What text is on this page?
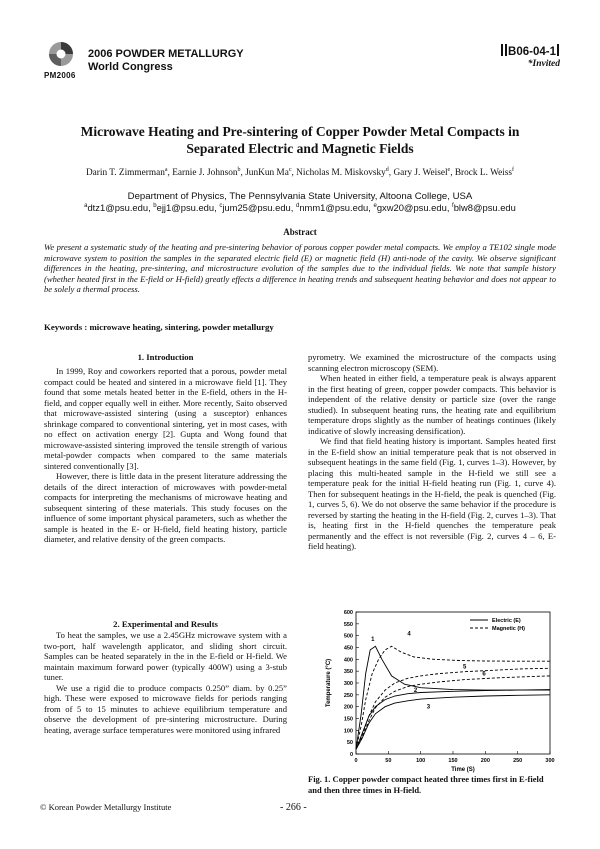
PM2006
2006 POWDER METALLURGY
World Congress
B06-04-1
*Invited
Microwave Heating and Pre-sintering of Copper Powder Metal Compacts in
Separated Electric and Magnetic Fields
Darin T. Zimmerman$^a$, Earnie J. Johnson$^b$, JunKun Ma$^c$, Nicholas M. Miskovsky$^d$, Gary J. Weisel$^e$, Brock L. Weiss$^f$
Department of Physics, The Pennsylvania State University, Altoona College, USA
$^a$dtz1@psu.edu, $^b$ejj1@psu.edu, $^c$jum25@psu.edu, $^d$nmm1@psu.edu, $^e$gxw20@psu.edu, $^f$blw8@psu.edu
Abstract
We present a systematic study of the heating and pre-sintering behavior of porous copper powder metal compacts. We employ a TE102 single mode microwave system to position the samples in the separated electric field (E) or magnetic field (H) anti-node of the cavity. We observe significant differences in the heating, pre-sintering, and microstructure evolution of the samples due to the individual fields. We note that sample history (whether heated first in the E-field or H-field) greatly effects a difference in heating trends and subsequent heating behavior and does not appear to be solely a thermal process.
Keywords : microwave heating, sintering, powder metallurgy
1. Introduction

In 1999, Roy and coworkers reported that a porous, powder metal compact could be heated and sintered in a microwave field [1]. They found that some metals heated better in the E-field, others in the H-field, and copper equally well in either. More recently, Saito observed that microwave-assisted sintering (using a susceptor) enhances shrinkage compared to conventional sintering, yet in most cases, with no effect on activation energy [2]. Gupta and Wong found that microwave-assisted sintering improved the tensile strength of various metal-powder compacts when compared to the same materials sintered conventionally [3].

However, there is little data in the present literature addressing the details of the direct interaction of microwaves with powder-metal compacts for interpreting the mechanisms of microwave heating and subsequent sintering of these materials. This study focuses on the influence of some important physical parameters, such as whether the sample is heated in the E- or H-field, field heating history, particle diameter, and relative density of the green compacts.

2. Experimental and Results

To heat the samples, we use a 2.45GHz microwave system with a two-port, half wavelength applicator, and sliding short circuit. Samples can be heated separately in the in the E-field or H-field. We maintain maximum forward power (typically 400W) using a 3-stub tuner.

We use a rigid die to produce compacts 0.250” diam. by 0.25” high. These were exposed to microwave fields for periods ranging from of 5 to 15 minutes to achieve equilibrium temperature and observe the development of pre-sintering microstructure. During heating, average surface temperatures were monitored using infrared

pyrometry. We examined the microstructure of the compacts using scanning electron microscopy (SEM).

When heated in either field, a temperature peak is always apparent in the first heating of green, copper powder compacts. This behavior is independent of the relative density or particle size (over the range studied). In subsequent heating runs, the heating rate and equilibrium temperature drops slightly as the number of heatings continues (likely indicative of slowly increasing densification).

We find that field heating history is important. Samples heated first in the E-field show an initial temperature peak that is not observed in subsequent heatings in the same field (Fig. 1, curves 1–3). However, by placing this multi-heated sample in the H-field we still see a temperature peak for the initial H-field heating run (Fig. 1, curve 4). Then for subsequent heatings in the H-field, the peak is quenched (Fig. 1, curves 5, 6). We do not observe the same behavior if the procedure is reversed by starting the heating in the H-field (Fig. 2, curves 1–3). That is, heating first in the H-field quenches the temperature peak permanently and the effect is not reversible (Fig. 2, curves 4 – 6, E-field heating).

0
50
100
150
200
250
300
350
400
450
500
550
600
0	50	100	150	200	250	300
Time (S)
Temperature (°C)
1
2
3
4
5
6
Electric (E)
Magnetic (H)
Fig. 1. Copper powder compact heated three times first in E-field and then three times in H-field.
© Korean Powder Metallurgy Institute	- 266 -
